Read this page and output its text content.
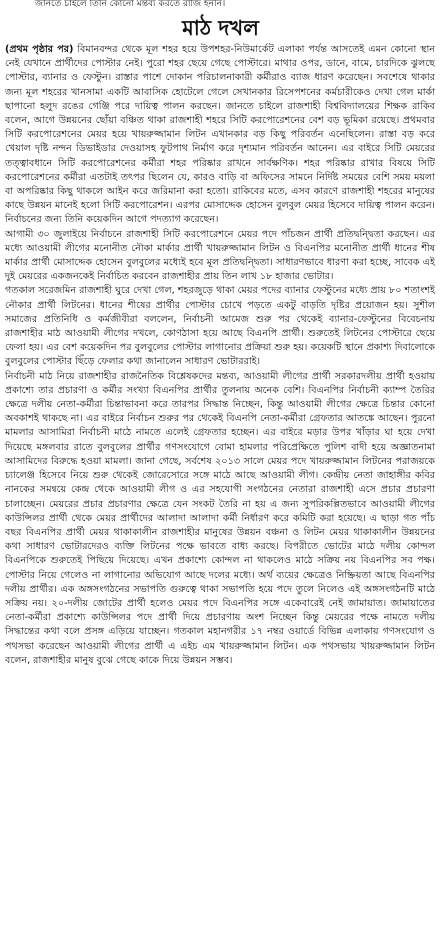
জানতে চাইলে তিনি কোনো মন্তব্য করতে রাজি হননি।
মাঠ দখল

(প্রথম পৃষ্ঠার পর) বিমানবন্দর থেকে মূল শহর হয়ে উপশহর-নিউমার্কেট এলাকা পর্যন্ত আসতেই এমন কোনো স্থান নেই যেখানে প্রার্থীদের পোস্টার নেই। পুরো শহর ছেয়ে গেছে পোস্টারে। মাথার ওপর, ডানে, বামে, চারদিকে ঝুলছে পোস্টার, ব্যানার ও ফেস্টুন। রাস্তার পাশে দোকান পরিচালনাকারী কর্মীরাও ব্যাজ ধারণ করেছেন। সবশেষে থাকার জন্য মূল শহরের খানসামা একটি আবাসিক হোটেলে গেলে সেখানকার রিসেপশনের কর্মচারীকেও দেখা গেল মার্কা ছাপানো হলুদ রঙের গেঞ্জি পরে দায়িত্ব পালন করছেন। জানতে চাইলে রাজশাহী বিশ্ববিদ্যালয়ের শিক্ষক রাকিব বলেন, আগে উন্নয়নের ছোঁয়া বঞ্চিত থাকা রাজশাহী শহরে সিটি করপোরেশনের বেশ বড় ভূমিকা রয়েছে। প্রথমবার সিটি করপোরেশনের মেয়র হয়ে খায়রুজ্জামান লিটন এখানকার বড় কিছু পরিবর্তন এনেছিলেন। রাস্তা বড় করে খেয়াল দৃষ্টি নন্দন ডিভাইডার দেওয়াসহ ফুটপাথ নির্মাণ করে দৃশ্যমান পরিবর্তন আনেন। এর বাইরে সিটি মেয়রের তত্ত্বাবধানে সিটি করপোরেশনের কর্মীরা শহর পরিষ্কার রাখনে সার্বক্ষণিক। শহর পরিষ্কার রাখার বিষয়ে সিটি করপোরেশনের কর্মীরা এতটাই তৎপর ছিলেন যে, কারও বাড়ি বা অফিসের সামনে নির্দিষ্ট সময়ের বেশি সময় ময়লা বা অপরিষ্কার কিছু থাকলে আইন করে জরিমানা করা হতো। রাকিবের মতে, এসব কারণে রাজশাহী শহরের মানুষের কাছে উন্নয়ন মানেই হলো সিটি করপোরেশন। এরপর মোসাদ্দেক হোসেন বুলবুল মেয়র হিসেবে দায়িত্ব পালন করেন। নির্বাচনের জন্য তিনি কয়েকদিন আগে পদত্যাগ করেছেন।

আগামী ৩০ জুলাইয়ে নির্বাচনে রাজশাহী সিটি করপোরেশনে মেয়র পদে পাঁচজন প্রার্থী প্রতিদ্বন্দ্বিতা করছেন। এর মধ্যে আওয়ামী লীগের মনোনীত নৌকা মার্কার প্রার্থী খায়রুজ্জামান লিটন ও বিএনপির মনোনীত প্রার্থী ধানের শীষ মার্কার প্রার্থী মোসাদ্দেক হোসেন বুলবুলের মধ্যেই হবে মূল প্রতিদ্বন্দ্বিতা। সাধারণভাবে ধারণা করা হচ্ছে, সাবেক এই দুই মেয়রের একজনকেই নির্বাচিত করবেন রাজশাহীর প্রায় তিন লাখ ১৮ হাজার ভোটার।

গতকাল সরেজমিন রাজশাহী ঘুরে দেখা গেল, শহরজুড়ে থাকা মেয়র পদের ব্যানার ফেস্টুনের মধ্যে প্রায় ৮০ শতাংশই নৌকার প্রার্থী লিটনের। ধানের শীষের প্রার্থীর পোস্টার চোখে পড়তে একটু বাড়তি দৃষ্টির প্রয়োজন হয়। সুশীল সমাজের প্রতিনিধি ও কর্মজীবীরা বললেন, নির্বাচনী আমেজ শুরু পর থেকেই ব্যানার-ফেস্টুনের বিবেচনায় রাজশাহীর মাঠ আওয়ামী লীগের দখলে, কোণঠাসা হয়ে আছে বিএনপি প্রার্থী। শুরুতেই লিটনের পোস্টারে ছেয়ে ফেলা হয়। এর বেশ কয়েকদিন পর বুলবুলের পোস্টার লাগানোর প্রক্রিয়া শুরু হয়। কয়েকটি স্থানে প্রকাশ্য দিবালোকে বুলবুলের পোস্টার ছিঁড়ে ফেলার কথা জানালেন সাধারণ ভোটাররাই।

নির্বাচনী মাঠ নিয়ে রাজশাহীর রাজনৈতিক বিশ্লেষকদের মন্তব্য, আওয়ামী লীগের প্রার্থী সরকারদলীয় প্রার্থী হওয়ায় প্রকাশ্যে তার প্রচারণা ও কর্মীর সংখ্যা বিএনপির প্রার্থীর তুলনায় অনেক বেশি। বিএনপির নির্বাচনী ক্যাম্প তৈরির ক্ষেত্রে দলীয় নেতা-কর্মীরা চিন্তাভাবনা করে তারপর সিদ্ধান্ত নিচ্ছেন, কিন্তু আওয়ামী লীগের ক্ষেত্রে চিন্তার কোনো অবকাশই থাকছে না। এর বাইরে নির্বাচন শুরুর পর থেকেই বিএনপি নেতা-কর্মীরা গ্রেফতার আতঙ্কে আছেন। পুরনো মামলার আসামিরা নির্বাচনী মাঠে নামতে এলেই গ্রেফতার হচ্ছেন। এর বাইরে মড়ার উপর খাঁড়ার ঘা হয়ে দেখা দিয়েছে মঙ্গলবার রাতে বুলবুলের প্রার্থীর গণসংযোগে বোমা হামলার পরিপ্রেক্ষিতে পুলিশ বাদী হয়ে অজ্ঞাতনামা আসামিদের বিরুদ্ধে হওয়া মামলা। জানা গেছে, সর্বশেষ ২০১৩ সালে মেয়র পদে খায়রুজ্জামান লিটনের পরাজয়কে চ্যালেঞ্জ হিসেবে নিয়ে শুরু থেকেই জোরেসোরে সঙ্গে মাঠে আছে আওয়ামী লীগ। কেন্দ্রীয় নেতা জাহাঙ্গীর কবির নানকের সমন্বয়ে কেন্দ্র থেকে আওয়ামী লীগ ও এর সহযোগী সংগঠনের নেতারা রাজশাহী এসে প্রচার প্রচারণা চালাচ্ছেন। মেয়রের প্রচার প্রচারণার ক্ষেত্রে যেন সংকট তৈরি না হয় এ জন্য সুপরিকল্পিতভাবে আওয়ামী লীগের কাউন্সিলর প্রার্থী থেকে মেয়র প্রার্থীদের আলাদা আলাদা কর্মী নির্ধারণ করে কমিটি করা হয়েছে। এ ছাড়া গত পাঁচ বছর বিএনপির প্রার্থী মেয়র থাকাকালীন রাজশাহীর মানুষের উন্নয়ন বঞ্চনা ও লিটন মেয়র থাকাকালীন উন্নয়নের কথা সাধারণ ভোটারদেরও ব্যক্তি লিটনের পক্ষে ভাবতে বাধ্য করছে। বিপরীতে ভোটের মাঠে দলীয় কোন্দল বিএনপিকে শুরুতেই পিছিয়ে দিয়েছে। এখন প্রকাশ্যে কোন্দল না থাকলেও মাঠে সক্রিয় নয় বিএনপির সব পক্ষ। পোস্টার নিয়ে গেলেও না লাগানোর অভিযোগ আছে দলের মধ্যে। অর্থ ব্যয়ের ক্ষেত্রেও নিষ্ক্রিয়তা আছে বিএনপির দলীয় প্রার্থীর। এক অঙ্গসংগঠনের সভাপতি গুরুত্বে থাকা সভাপতি হয়ে পদে তুলে নিলেও এই অঙ্গসংগঠনটি মাঠে সক্রিয় নয়। ২০-দলীয় জোটের প্রার্থী হলেও মেয়র পদে বিএনপির সঙ্গে একেবারেই নেই জামায়াত। জামায়াতের নেতা-কর্মীরা প্রকাশ্যে কাউন্সিলর পদে প্রার্থী দিয়ে প্রচারণায় অংশ নিচ্ছেন কিন্তু মেয়রের পক্ষে নামতে দলীয় সিদ্ধান্তের কথা বলে প্রসঙ্গ এড়িয়ে যাচ্ছেন। গতকাল মহানগরীর ১৭ নম্বর ওয়ার্ডে বিভিন্ন এলাকায় গণসংযোগ ও পথসভা করেছেন আওয়ামী লীগের প্রার্থী এ এইচ এম খায়রুজ্জামান লিটন। এক পথসভায় খায়রুজ্জামান লিটন বলেন, রাজশাহীর মানুষ বুঝে গেছে কাকে দিয়ে উন্নয়ন সম্ভব।
